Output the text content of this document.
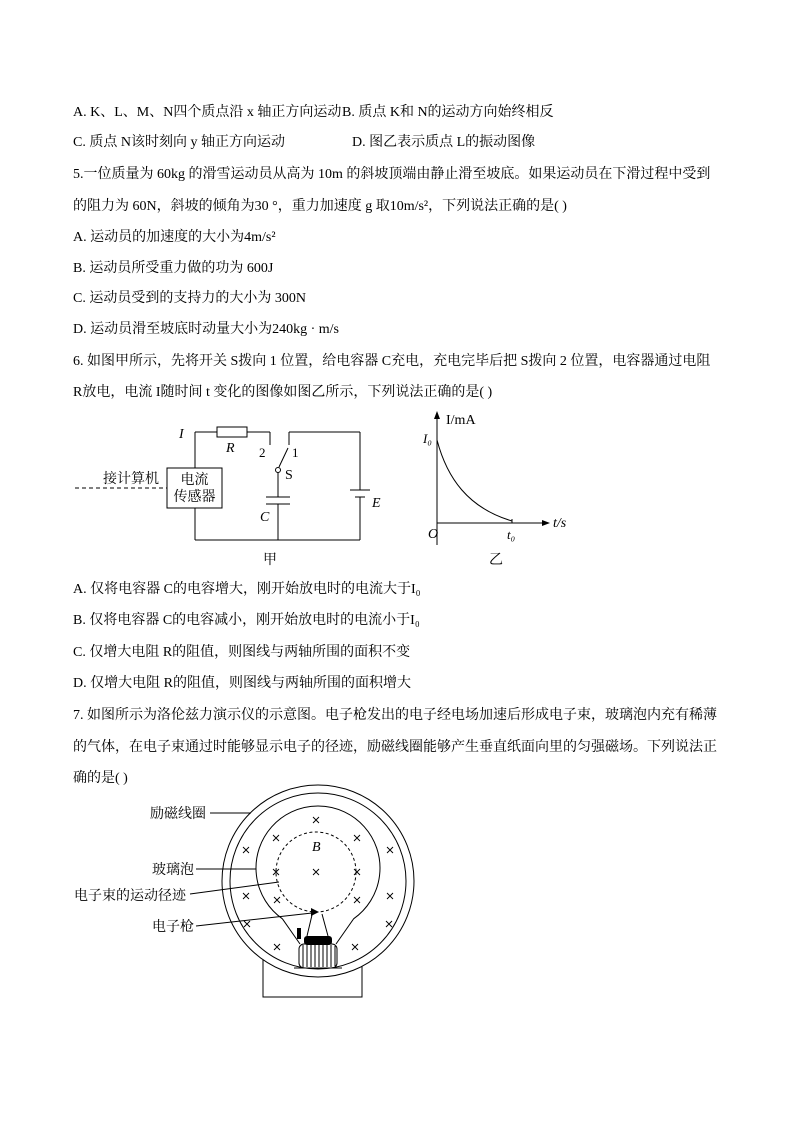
A. K、L、M、N四个质点沿 x 轴正方向运动 B. 质点 K和 N的运动方向始终相反
C. 质点 N该时刻向 y 轴正方向运动	D. 图乙表示质点 L的振动图像
5.一位质量为 60kg 的滑雪运动员从高为 10m 的斜坡顶端由静止滑至坡底。如果运动员在下滑过程中受到
的阻力为 60N，斜坡的倾角为30 °，重力加速度 g 取10m/s²，下列说法正确的是( )
A. 运动员的加速度的大小为4m/s²
B. 运动员所受重力做的功为 600J
C. 运动员受到的支持力的大小为 300N
D. 运动员滑至坡底时动量大小为240kg · m/s
6. 如图甲所示，先将开关 S拨向 1 位置，给电容器 C充电，充电完毕后把 S拨向 2 位置，电容器通过电阻
R放电，电流 I随时间 t 变化的图像如图乙所示，下列说法正确的是( )
I
R 2 1
S
C
E
电流
传感器
接计算机
甲
I/mA
I₀
O	t₀
t/s
乙
A. 仅将电容器 C的电容增大，刚开始放电时的电流大于I₀
B. 仅将电容器 C的电容减小，刚开始放电时的电流小于I₀
C. 仅增大电阻 R的阻值，则图线与两轴所围的面积不变
D. 仅增大电阻 R的阻值，则图线与两轴所围的面积增大
7. 如图所示为洛伦兹力演示仪的示意图。电子枪发出的电子经电场加速后形成电子束，玻璃泡内充有稀薄
的气体，在电子束通过时能够显示电子的径迹，励磁线圈能够产生垂直纸面向里的匀强磁场。下列说法正
确的是( )
B
励磁线圈
玻璃泡
电子束的运动径迹
电子枪
